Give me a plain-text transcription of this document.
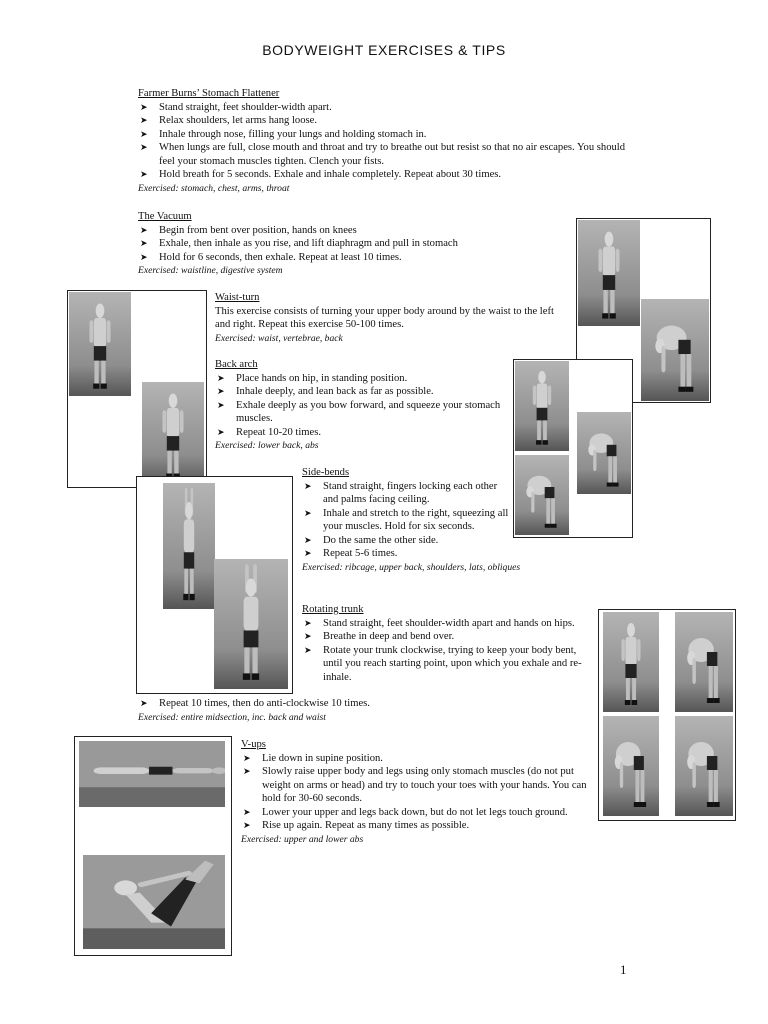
BODYWEIGHT EXERCISES & TIPS

Farmer Burns’ Stomach Flattener

➤ Stand straight, feet shoulder-width apart.
➤ Relax shoulders, let arms hang loose.
➤ Inhale through nose, filling your lungs and holding stomach in.
➤ When lungs are full, close mouth and throat and try to breathe out but resist so that no air escapes. You should feel your stomach muscles tighten. Clench your fists.
➤ Hold breath for 5 seconds. Exhale and inhale completely. Repeat about 30 times.
Exercised: stomach, chest, arms, throat

The Vacuum

➤ Begin from bent over position, hands on knees
➤ Exhale, then inhale as you rise, and lift diaphragm and pull in stomach
➤ Hold for 6 seconds, then exhale. Repeat at least 10 times.
Exercised: waistline, digestive system

Waist-turn

This exercise consists of turning your upper body around by the waist to the left and right. Repeat this exercise 50-100 times.
Exercised: waist, vertebrae, back

Back arch

➤ Place hands on hip, in standing position.
➤ Inhale deeply, and lean back as far as possible.
➤ Exhale deeply as you bow forward, and squeeze your stomach muscles.
➤ Repeat 10-20 times.
Exercised: lower back, abs

Side-bends

➤ Stand straight, fingers locking each other and palms facing ceiling.
➤ Inhale and stretch to the right, squeezing all your muscles. Hold for six seconds.
➤ Do the same the other side.
➤ Repeat 5-6 times.
Exercised: ribcage, upper back, shoulders, lats, obliques

Rotating trunk

➤ Stand straight, feet shoulder-width apart and hands on hips.
➤ Breathe in deep and bend over.
➤ Rotate your trunk clockwise, trying to keep your body bent, until you reach starting point, upon which you exhale and re-inhale.
➤ Repeat 10 times, then do anti-clockwise 10 times.
Exercised: entire midsection, inc. back and waist

V-ups

➤ Lie down in supine position.
➤ Slowly raise upper body and legs using only stomach muscles (do not put weight on arms or head) and try to touch your toes with your hands. You can hold for 30-60 seconds.
➤ Lower your upper and legs back down, but do not let legs touch ground.
➤ Rise up again. Repeat as many times as possible.
Exercised: upper and lower abs
1
